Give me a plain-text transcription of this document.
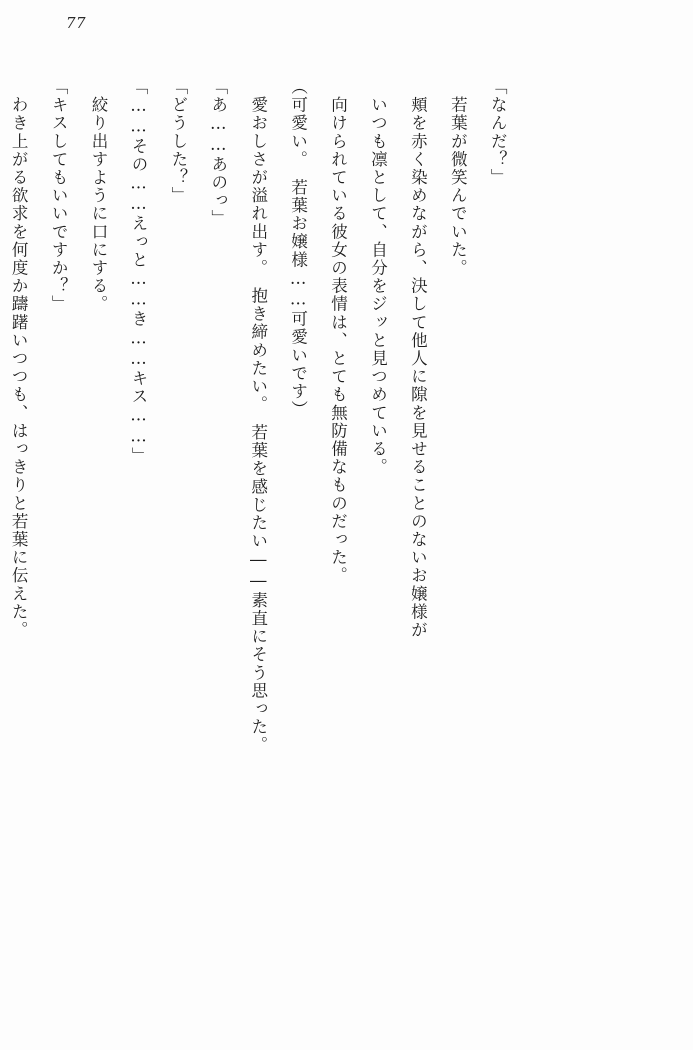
77

「なんだ？」

　若葉が微笑んでいた。

　頬を赤く染めながら、決して他人に隙を見せることのないお嬢様が

　いつも凛として、自分をジッと見つめている。

　向けられている彼女の表情は、とても無防備なものだった。

（可愛い。　若葉お嬢様……可愛いです）

　愛おしさが溢れ出す。　抱き締めたい。　若葉を感じたい――素直にそう思った。

「あ……あのっ」

「どうした？」

「……その……えっと……き……キス……」

　絞り出すように口にする。

「キスしてもいいですか？」

　わき上がる欲求を何度か躊躇いつつも、はっきりと若葉に伝えた。
